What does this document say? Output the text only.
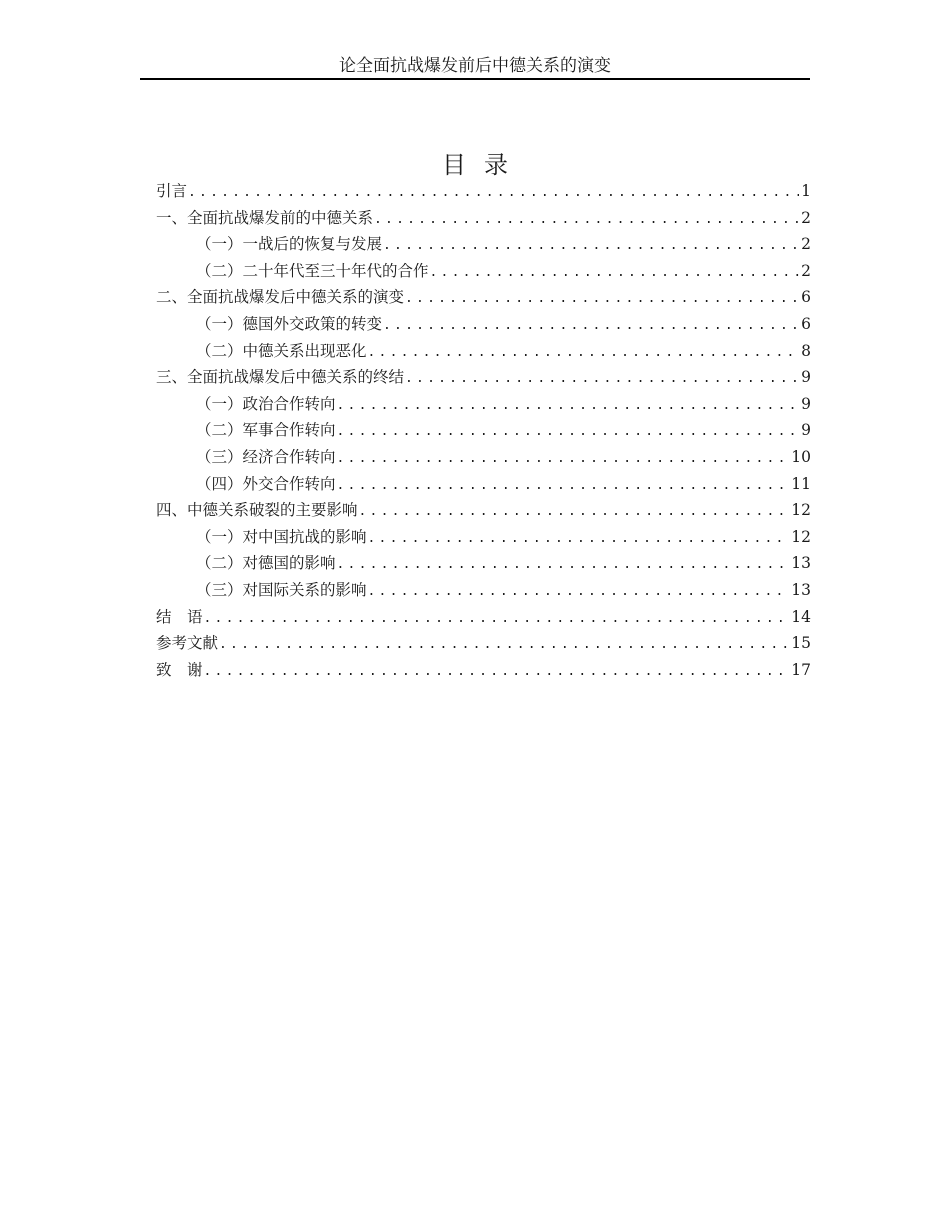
论全面抗战爆发前后中德关系的演变
目录
引言 .....	1
一、全面抗战爆发前的中德关系 .....	2
（一）一战后的恢复与发展 .....	2
（二）二十年代至三十年代的合作 .....	2
二、全面抗战爆发后中德关系的演变 .....	6
（一）德国外交政策的转变 .....	6
（二）中德关系出现恶化 .....	8
三、全面抗战爆发后中德关系的终结 .....	9
（一）政治合作转向 .....	9
（二）军事合作转向 .....	9
（三）经济合作转向 .....	10
（四）外交合作转向 .....	11
四、中德关系破裂的主要影响 .....	12
（一）对中国抗战的影响 .....	12
（二）对德国的影响 .....	13
（三）对国际关系的影响 .....	13
结　语 .....	14
参考文献 .....	15
致　谢 .....	17
